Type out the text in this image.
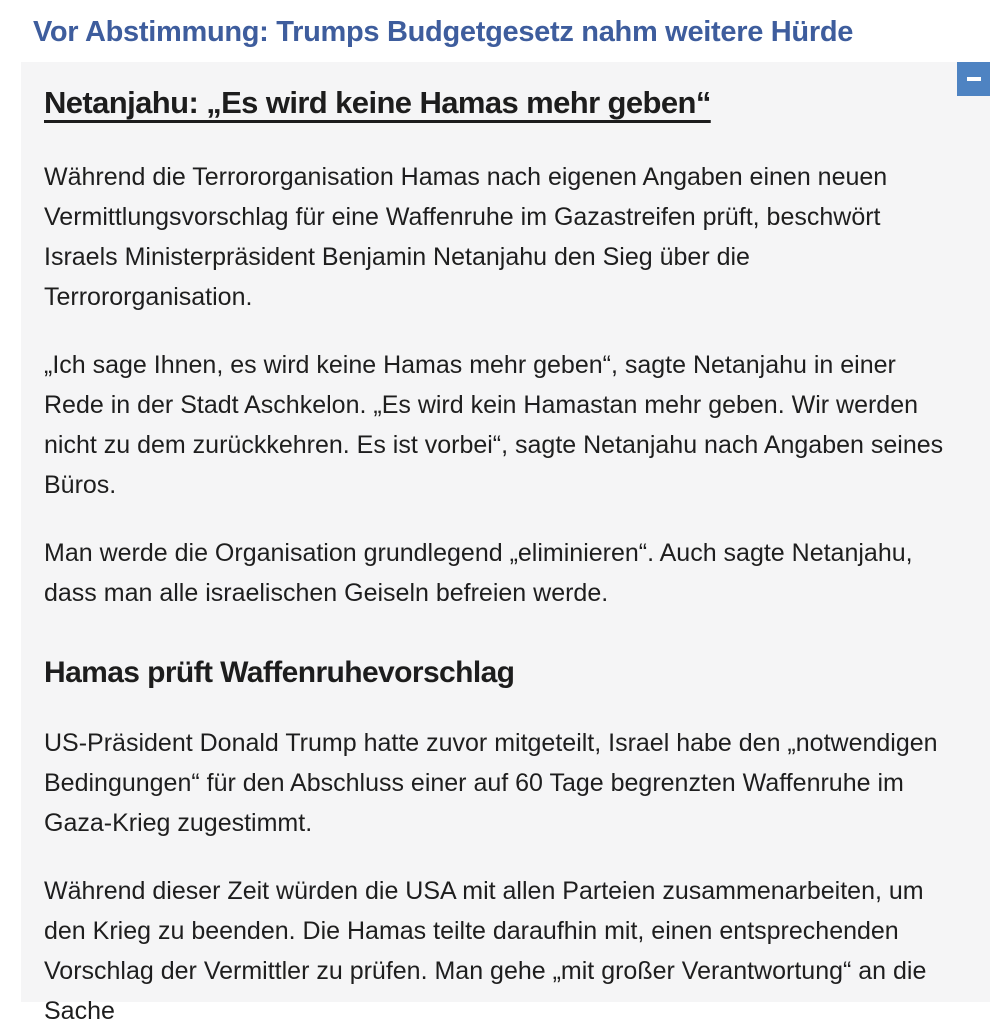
Vor Abstimmung: Trumps Budgetgesetz nahm weitere Hürde
Netanjahu: „Es wird keine Hamas mehr geben“

Während die Terrororganisation Hamas nach eigenen Angaben einen neuen Vermittlungsvorschlag für eine Waffenruhe im Gazastreifen prüft, beschwört Israels Ministerpräsident Benjamin Netanjahu den Sieg über die Terrororganisation.

„Ich sage Ihnen, es wird keine Hamas mehr geben“, sagte Netanjahu in einer Rede in der Stadt Aschkelon. „Es wird kein Hamastan mehr geben. Wir werden nicht zu dem zurückkehren. Es ist vorbei“, sagte Netanjahu nach Angaben seines Büros.

Man werde die Organisation grundlegend „eliminieren“. Auch sagte Netanjahu, dass man alle israelischen Geiseln befreien werde.

Hamas prüft Waffenruhevorschlag

US-Präsident Donald Trump hatte zuvor mitgeteilt, Israel habe den „notwendigen Bedingungen“ für den Abschluss einer auf 60 Tage begrenzten Waffenruhe im Gaza-Krieg zugestimmt.

Während dieser Zeit würden die USA mit allen Parteien zusammenarbeiten, um den Krieg zu beenden. Die Hamas teilte daraufhin mit, einen entsprechenden Vorschlag der Vermittler zu prüfen. Man gehe „mit großer Verantwortung“ an die Sache
